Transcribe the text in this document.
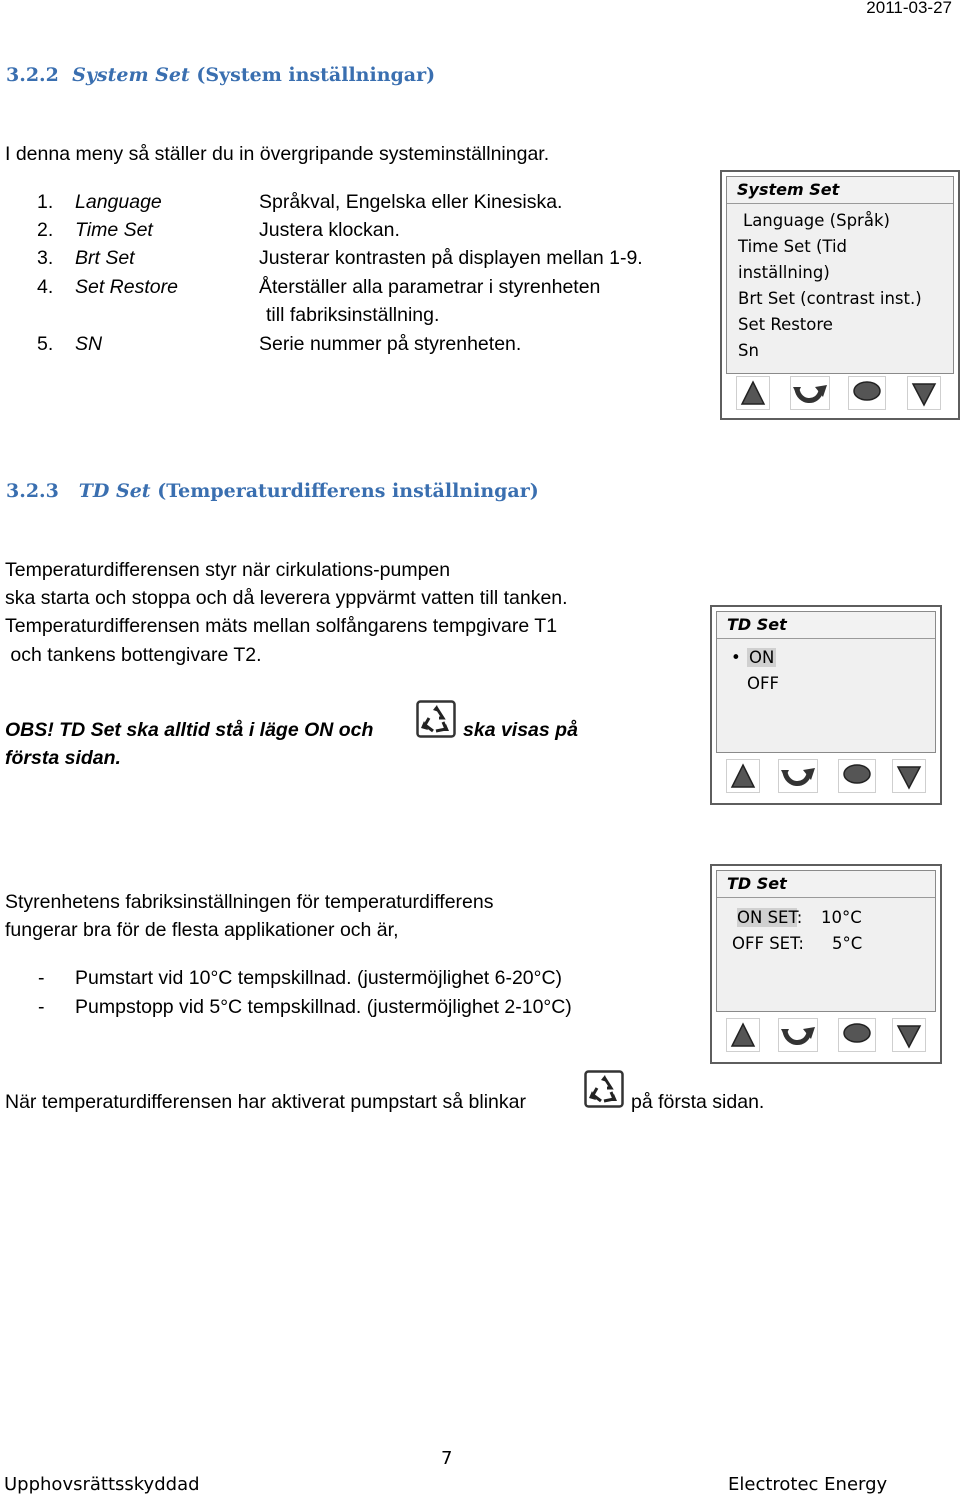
2011-03-27
3.2.2 System Set (System inställningar)
I denna meny så ställer du in övergripande systeminställningar.
1. Language	Språkval, Engelska eller Kinesiska.
2. Time Set	Justera klockan.
3. Brt Set	Justerar kontrasten på displayen mellan 1-9.
4. Set Restore	Återställer alla parametrar i styrenheten
till fabriksinställning.
5. SN	Serie nummer på styrenheten.
System Set
Language (Språk)
Time Set (Tid
inställning)
Brt Set (contrast inst.)
Set Restore
Sn
3.2.3 TD Set (Temperaturdifferens inställningar)
Temperaturdifferensen styr när cirkulations-pumpen
ska starta och stoppa och då leverera yppvärmt vatten till tanken.
Temperaturdifferensen mäts mellan solfångarens tempgivare T1
och tankens bottengivare T2.
OBS! TD Set ska alltid stå i läge ON och	ska visas på
första sidan.
TD Set
• ON
OFF
Styrenhetens fabriksinställningen för temperaturdifferens
fungerar bra för de flesta applikationer och är,
- Pumstart vid 10°C tempskillnad. (justermöjlighet 6-20°C)
- Pumpstopp vid 5°C tempskillnad. (justermöjlighet 2-10°C)
TD Set
ON SET: 10°C
OFF SET: 5°C
När temperaturdifferensen har aktiverat pumpstart så blinkar	på första sidan.
7
Upphovsrättsskyddad	Electrotec Energy
